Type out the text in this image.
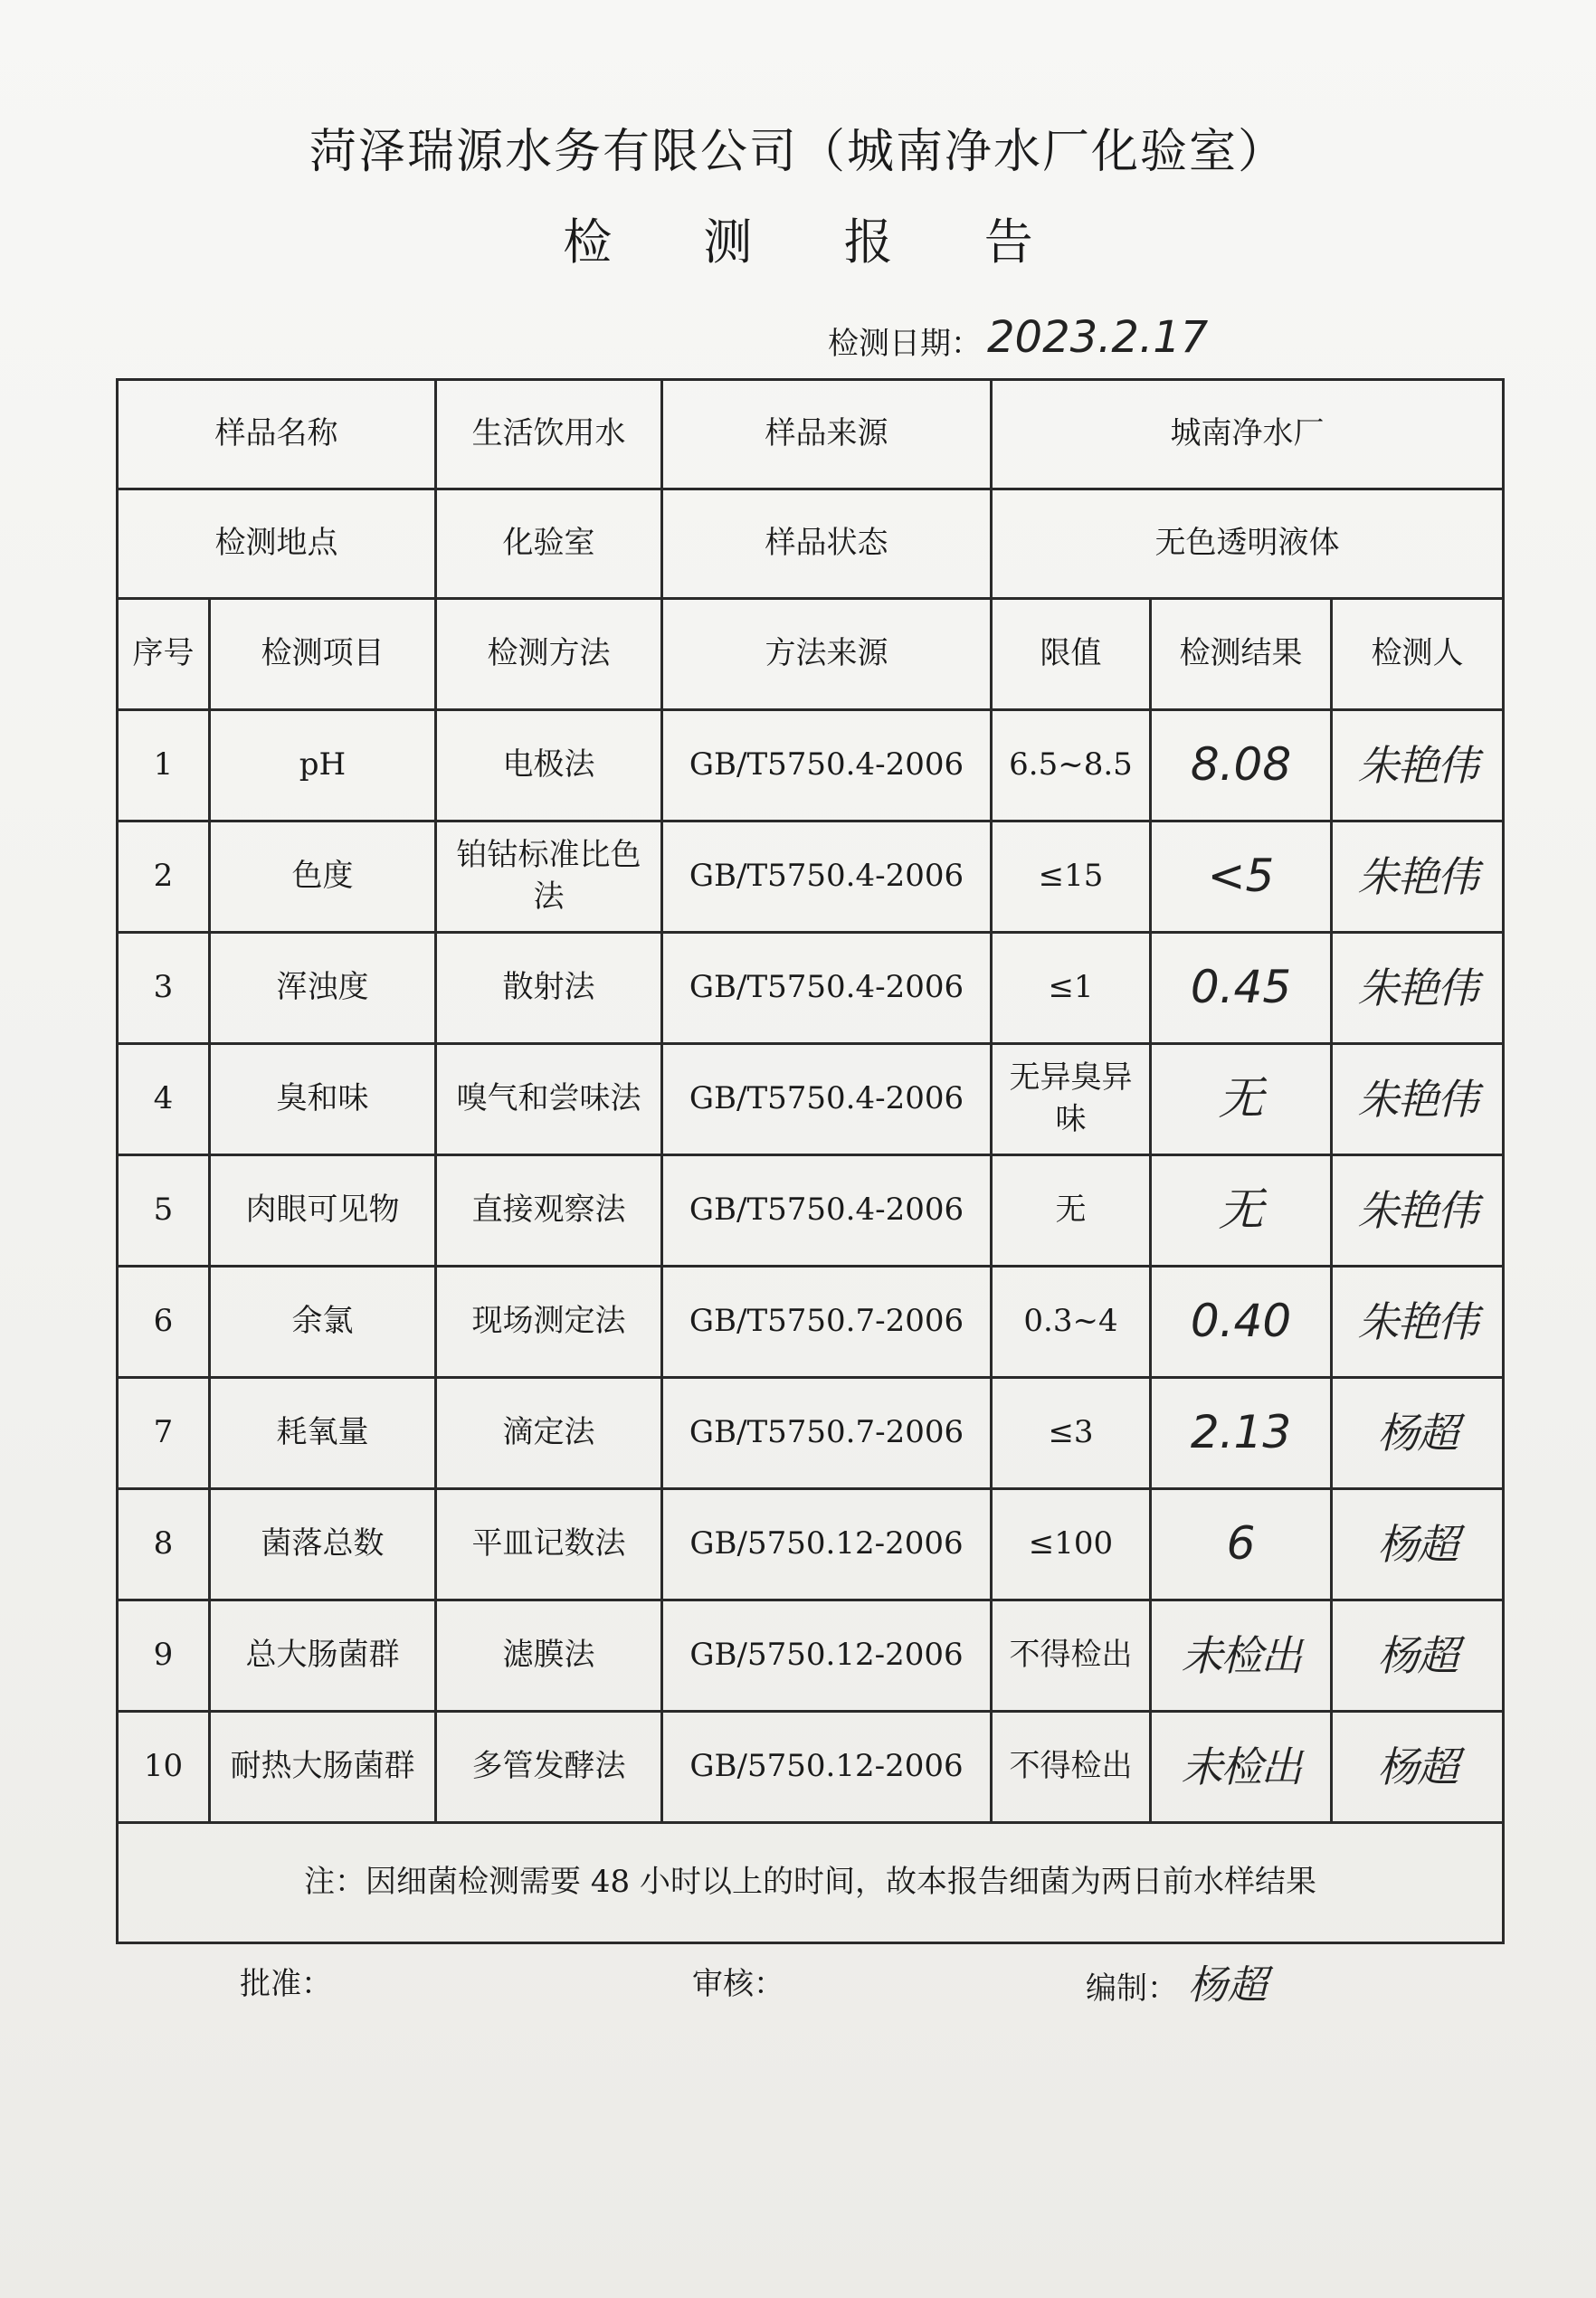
菏泽瑞源水务有限公司（城南净水厂化验室）
检 测 报 告
检测日期： 2023.2.17
样品名称		生活饮用水	样品来源	城南净水厂		
检测地点		化验室	样品状态	无色透明液体		
序号	检测项目	检测方法	方法来源	限值	检测结果	检测人
1	pH	电极法	GB/T5750.4-2006	6.5~8.5	8.08	朱艳伟
2	色度	铂钴标准比色法	GB/T5750.4-2006	≤15	<5	朱艳伟
3	浑浊度	散射法	GB/T5750.4-2006	≤1	0.45	朱艳伟
4	臭和味	嗅气和尝味法	GB/T5750.4-2006	无异臭异味	无	朱艳伟
5	肉眼可见物	直接观察法	GB/T5750.4-2006	无	无	朱艳伟
6	余氯	现场测定法	GB/T5750.7-2006	0.3~4	0.40	朱艳伟
7	耗氧量	滴定法	GB/T5750.7-2006	≤3	2.13	杨超
8	菌落总数	平皿记数法	GB/5750.12-2006	≤100	6	杨超
9	总大肠菌群	滤膜法	GB/5750.12-2006	不得检出	未检出	杨超
10	耐热大肠菌群	多管发酵法	GB/5750.12-2006	不得检出	未检出	杨超
注：因细菌检测需要 48 小时以上的时间，故本报告细菌为两日前水样结果						
批准：	审核：	编制： 杨超
